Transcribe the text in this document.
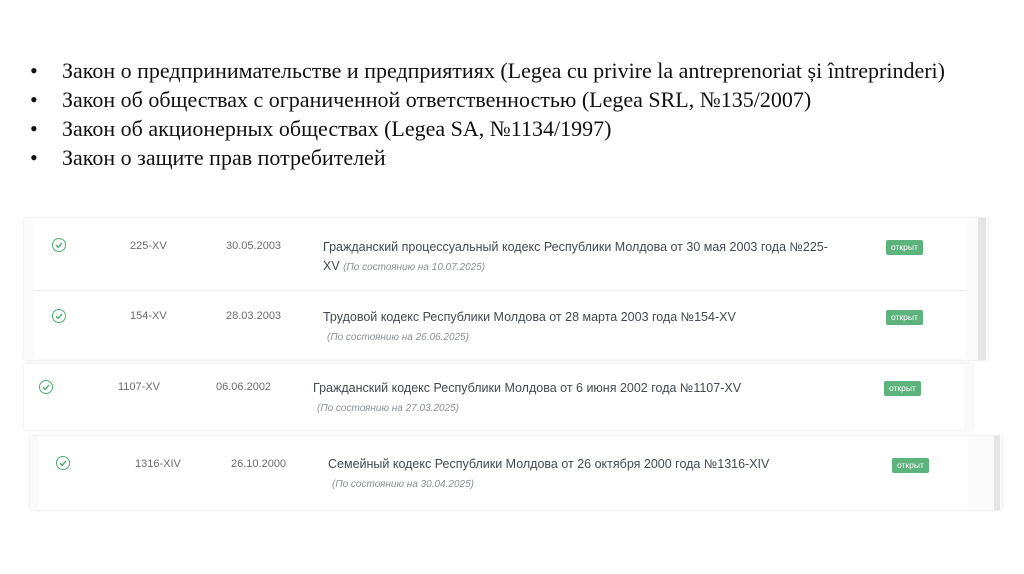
• Закон о предпринимательстве и предприятиях (Legea cu privire la antreprenoriat și întreprinderi)
• Закон об обществах с ограниченной ответственностью (Legea SRL, №135/2007)
• Закон об акционерных обществах (Legea SA, №1134/1997)
• Закон о защите прав потребителей
225-XV	30.05.2003	Гражданский процессуальный кодекс Республики Молдова от 30 мая 2003 года №225-
XV (По состоянию на 10.07.2025)
открыт
154-XV	28.03.2003	Трудовой кодекс Республики Молдова от 28 марта 2003 года №154-XV
(По состоянию на 26.06.2025)
открыт
1107-XV	06.06.2002	Гражданский кодекс Республики Молдова от 6 июня 2002 года №1107-XV
(По состоянию на 27.03.2025)
открыт
1316-XIV	26.10.2000	Семейный кодекс Республики Молдова от 26 октября 2000 года №1316-XIV
(По состоянию на 30.04.2025)
открыт
